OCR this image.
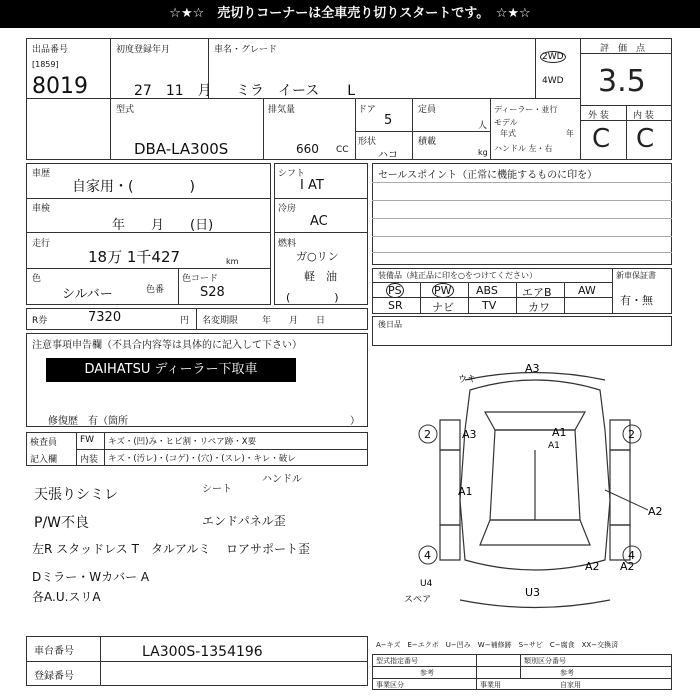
☆★☆　売切りコーナーは全車売り切りスタートです。　☆★☆
出品番号
[1859]
8019
初度登録年月
27　11　月
車名・グレード
ミラ　イース　　L
2WD
4WD
評　価　点
3.5
型式
DBA-LA300S
排気量
660 CC
ドア
5
形状
ハコ
定員
人
積載
kg
ディーラー・並行
モデル
年式	年
ハンドル 左・右
外 装	内 装
C C
車歴
自家用・(　　　　)
車検
年　　月　　(日)
走行
18万 1千427	km
色
シルバー	色番
色コード
S28
シフト
I AT
冷房
AC
燃料
ガ○リン
軽　油
(　　　　)
R券	7320	円 名変期限	年　　月　　日
セールスポイント（正常に機能するものに印を）
装備品（純正品に印を○をつけてください）	新車保証書
有・無
PS	PW ABS エアB AW
SR	ナビ	TV	カワ
後日品
注意事項申告欄（不具合内容等は具体的に記入して下さい）
DAIHATSU ディーラー下取車
修復歴　有（箇所	）
検査員
記入欄
FW キズ・(凹)み・ヒビ割・リペア跡・X要
内装 キズ・(汚レ)・(コゲ)・(穴)・(スレ)・キレ・破レ
シート
ハンドル
天張りシミレ
P/W不良
左R スタッドレス T　タルアルミ
Dミラー・Wカバー A
各A.U.スリA
エンドパネル歪
ロアサポート歪
車台番号	LA300S-1354196
登録番号
A3
ウキ
2	A3	A1	2
A1
A2
4
A2
4
A2
U3
U4
A1
スペア
A−キズ　E−エクボ　U−凹み　W−補修跡　S−サビ　C−腐食　XX−交換済
型式指定番号	類別区分番号
参考	参考
事業区分	事業用	自家用
